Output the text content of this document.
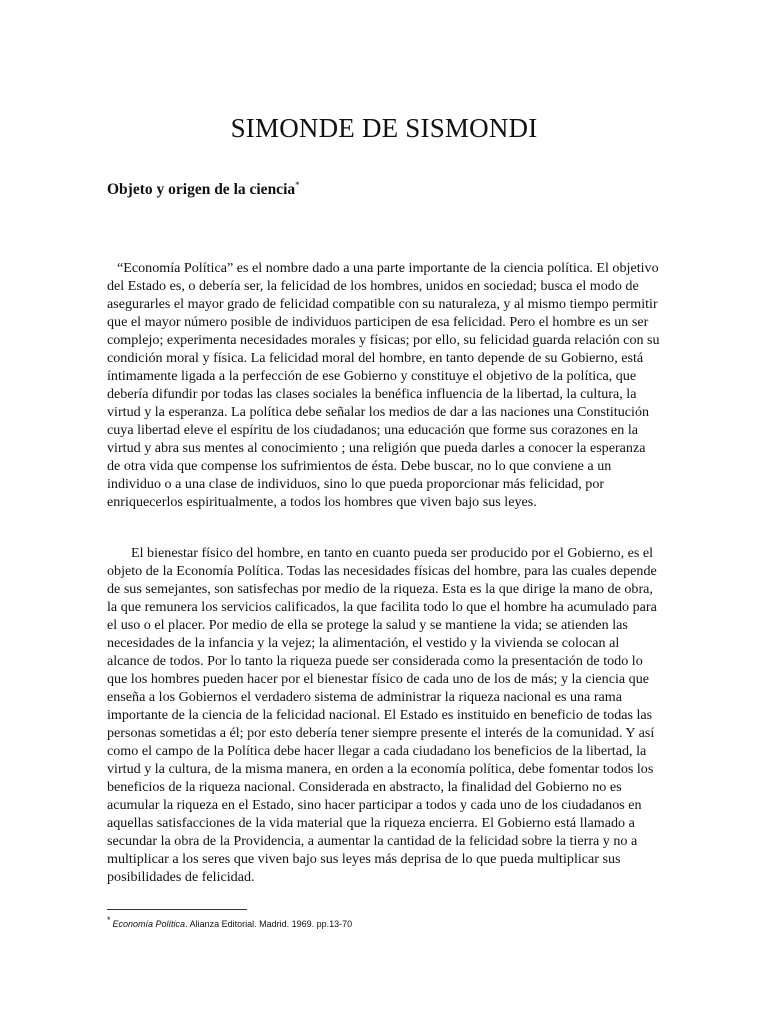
SIMONDE DE SISMONDI
Objeto y origen de la ciencia*

“Economía Política” es el nombre dado a una parte importante de la ciencia política. El objetivo del Estado es, o debería ser, la felicidad de los hombres, unidos en sociedad; busca el modo de asegurarles el mayor grado de felicidad compatible con su naturaleza, y al mismo tiempo permitir que el mayor número posible de individuos participen de esa felicidad. Pero el hombre es un ser complejo; experimenta necesidades morales y físicas; por ello, su felicidad guarda relación con su condición moral y física. La felicidad moral del hombre, en tanto depende de su Gobierno, está íntimamente ligada a la perfección de ese Gobierno y constituye el objetivo de la política, que debería difundir por todas las clases sociales la benéfica influencia de la libertad, la cultura, la virtud y la esperanza. La política debe señalar los medios de dar a las naciones una Constitución cuya libertad eleve el espíritu de los ciudadanos; una educación que forme sus corazones en la virtud y abra sus mentes al conocimiento ; una religión que pueda darles a conocer la esperanza de otra vida que compense los sufrimientos de ésta. Debe buscar, no lo que conviene a un individuo o a una clase de individuos, sino lo que pueda proporcionar más felicidad, por enriquecerlos espiritualmente, a todos los hombres que viven bajo sus leyes.

El bienestar físico del hombre, en tanto en cuanto pueda ser producido por el Gobierno, es el objeto de la Economía Política. Todas las necesidades físicas del hombre, para las cuales depende de sus semejantes, son satisfechas por medio de la riqueza. Esta es la que dirige la mano de obra, la que remunera los servicios calificados, la que facilita todo lo que el hombre ha acumulado para el uso o el placer. Por medio de ella se protege la salud y se mantiene la vida; se atienden las necesidades de la infancia y la vejez; la alimentación, el vestido y la vivienda se colocan al alcance de todos. Por lo tanto la riqueza puede ser considerada como la presentación de todo lo que los hombres pueden hacer por el bienestar físico de cada uno de los de más; y la ciencia que enseña a los Gobiernos el verdadero sistema de administrar la riqueza nacional es una rama importante de la ciencia de la felicidad nacional. El Estado es instituido en beneficio de todas las personas sometidas a él; por esto debería tener siempre presente el interés de la comunidad. Y así como el campo de la Política debe hacer llegar a cada ciudadano los beneficios de la libertad, la virtud y la cultura, de la misma manera, en orden a la economía política, debe fomentar todos los beneficios de la riqueza nacional. Considerada en abstracto, la finalidad del Gobierno no es acumular la riqueza en el Estado, sino hacer participar a todos y cada uno de los ciudadanos en aquellas satisfacciones de la vida material que la riqueza encierra. El Gobierno está llamado a secundar la obra de la Providencia, a aumentar la cantidad de la felicidad sobre la tierra y no a multiplicar a los seres que viven bajo sus leyes más deprisa de lo que pueda multiplicar sus posibilidades de felicidad.

* Economía Política. Alianza Editorial. Madrid. 1969. pp.13-70
